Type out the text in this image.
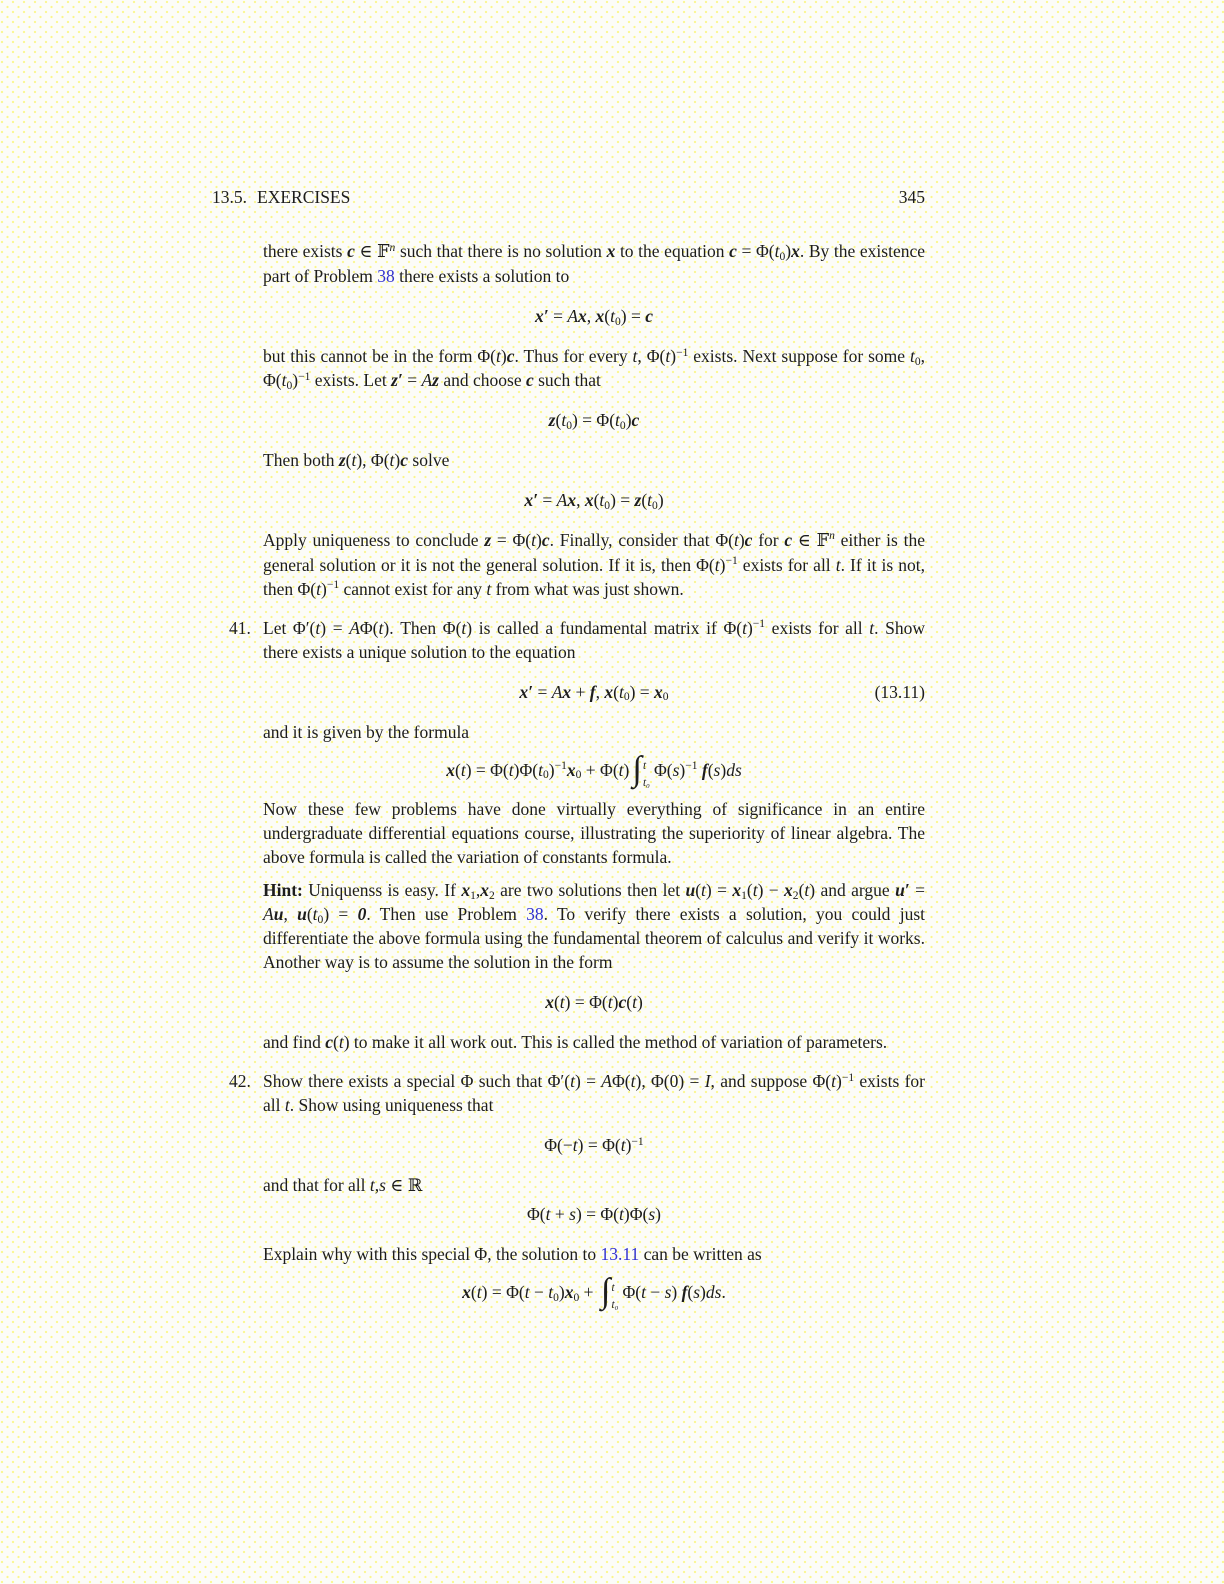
13.5. EXERCISES	345
there exists c ∈ 𝔽$^n$ such that there is no solution x to the equation c = Φ(t0)x. By the existence part of Problem 38 there exists a solution to
x′ = Ax, x(t0) = c
but this cannot be in the form Φ(t)c. Thus for every t, $\Phi(t)^{-1}$ exists. Next suppose for some t0, $\Phi(t0)^{-1}$ exists. Let z′ = Az and choose c such that
z(t0) = Φ(t0)c
Then both z(t), Φ(t)c solve
x′ = Ax, x(t0) = z(t0)
Apply uniqueness to conclude z = Φ(t)c. Finally, consider that Φ(t)c for c ∈ 𝔽$^n$ either is the general solution or it is not the general solution. If it is, then $\Phi(t)^{-1}$ exists for all t. If it is not, then $\Phi(t)^{-1}$ cannot exist for any t from what was just shown.
41. Let Φ′(t) = AΦ(t). Then Φ(t) is called a fundamental matrix if $\Phi(t)^{-1}$ exists for all t. Show there exists a unique solution to the equation
x′ = Ax + f, x(t0) = x0	(13.11)
and it is given by the formula
$x(t) = \Phi(t)\Phi(t0)^{-1}x0 + \Phi(t)\int$ t
t₀
$\Phi(s)^{-1}$ f(s)ds
Now these few problems have done virtually everything of significance in an entire undergraduate differential equations course, illustrating the superiority of linear algebra. The above formula is called the variation of constants formula.
Hint: Uniquenss is easy. If x1,x2 are two solutions then let u(t) = x1(t) − x2(t) and argue u′ = Au, u(t0) = 0. Then use Problem 38. To verify there exists a solution, you could just differentiate the above formula using the fundamental theorem of calculus and verify it works. Another way is to assume the solution in the form
x(t) = Φ(t)c(t)
and find c(t) to make it all work out. This is called the method of variation of parameters.
42. Show there exists a special Φ such that Φ′(t) = AΦ(t), Φ(0) = I, and suppose $\Phi(t)^{-1}$ exists for all t. Show using uniqueness that
$\Phi(-t) = \Phi(t)^{-1}$
and that for all t,s ∈ ℝ
Φ(t + s) = Φ(t)Φ(s)
Explain why with this special Φ, the solution to 13.11 can be written as
x(t) = Φ(t − t0)x0 + ∫ t
t₀
Φ(t − s) f(s)ds.
